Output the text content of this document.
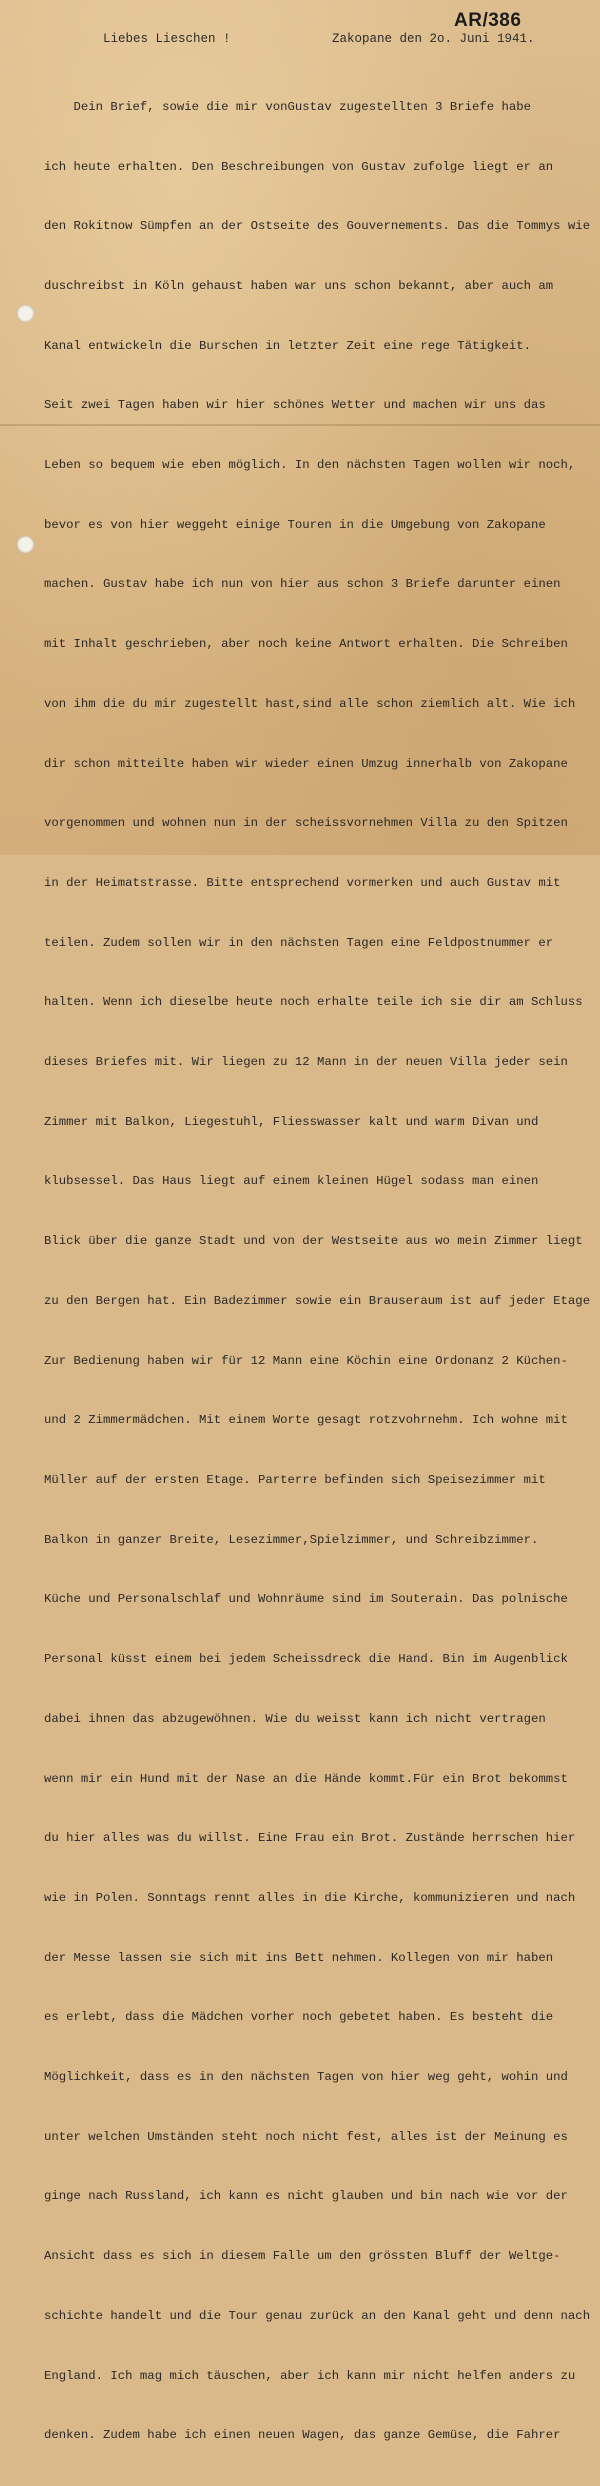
AR/386
Liebes Lieschen !	Zakopane den 2o. Juni 1941.

Dein Brief, sowie die mir vonGustav zugestellten 3 Briefe habe

ich heute erhalten. Den Beschreibungen von Gustav zufolge liegt er an

den Rokitnow Sümpfen an der Ostseite des Gouvernements. Das die Tommys wie

duschreibst in Köln gehaust haben war uns schon bekannt, aber auch am

Kanal entwickeln die Burschen in letzter Zeit eine rege Tätigkeit.

Seit zwei Tagen haben wir hier schönes Wetter und machen wir uns das

Leben so bequem wie eben möglich. In den nächsten Tagen wollen wir noch,

bevor es von hier weggeht einige Touren in die Umgebung von Zakopane

machen. Gustav habe ich nun von hier aus schon 3 Briefe darunter einen

mit Inhalt geschrieben, aber noch keine Antwort erhalten. Die Schreiben

von ihm die du mir zugestellt hast,sind alle schon ziemlich alt. Wie ich

dir schon mitteilte haben wir wieder einen Umzug innerhalb von Zakopane

vorgenommen und wohnen nun in der scheissvornehmen Villa zu den Spitzen

in der Heimatstrasse. Bitte entsprechend vormerken und auch Gustav mit

teilen. Zudem sollen wir in den nächsten Tagen eine Feldpostnummer er

halten. Wenn ich dieselbe heute noch erhalte teile ich sie dir am Schluss

dieses Briefes mit. Wir liegen zu 12 Mann in der neuen Villa jeder sein

Zimmer mit Balkon, Liegestuhl, Fliesswasser kalt und warm Divan und

klubsessel. Das Haus liegt auf einem kleinen Hügel sodass man einen

Blick über die ganze Stadt und von der Westseite aus wo mein Zimmer liegt

zu den Bergen hat. Ein Badezimmer sowie ein Brauseraum ist auf jeder Etage

Zur Bedienung haben wir für 12 Mann eine Köchin eine Ordonanz 2 Küchen-

und 2 Zimmermädchen. Mit einem Worte gesagt rotzvohrnehm. Ich wohne mit

Müller auf der ersten Etage. Parterre befinden sich Speisezimmer mit

Balkon in ganzer Breite, Lesezimmer,Spielzimmer, und Schreibzimmer.

Küche und Personalschlaf und Wohnräume sind im Souterain. Das polnische

Personal küsst einem bei jedem Scheissdreck die Hand. Bin im Augenblick

dabei ihnen das abzugewöhnen. Wie du weisst kann ich nicht vertragen

wenn mir ein Hund mit der Nase an die Hände kommt.Für ein Brot bekommst

du hier alles was du willst. Eine Frau ein Brot. Zustände herrschen hier

wie in Polen. Sonntags rennt alles in die Kirche, kommunizieren und nach

der Messe lassen sie sich mit ins Bett nehmen. Kollegen von mir haben

es erlebt, dass die Mädchen vorher noch gebetet haben. Es besteht die

Möglichkeit, dass es in den nächsten Tagen von hier weg geht, wohin und

unter welchen Umständen steht noch nicht fest, alles ist der Meinung es

ginge nach Russland, ich kann es nicht glauben und bin nach wie vor der

Ansicht dass es sich in diesem Falle um den grössten Bluff der Weltge-

schichte handelt und die Tour genau zurück an den Kanal geht und denn nach

England. Ich mag mich täuschen, aber ich kann mir nicht helfen anders zu

denken. Zudem habe ich einen neuen Wagen, das ganze Gemüse, die Fahrer
